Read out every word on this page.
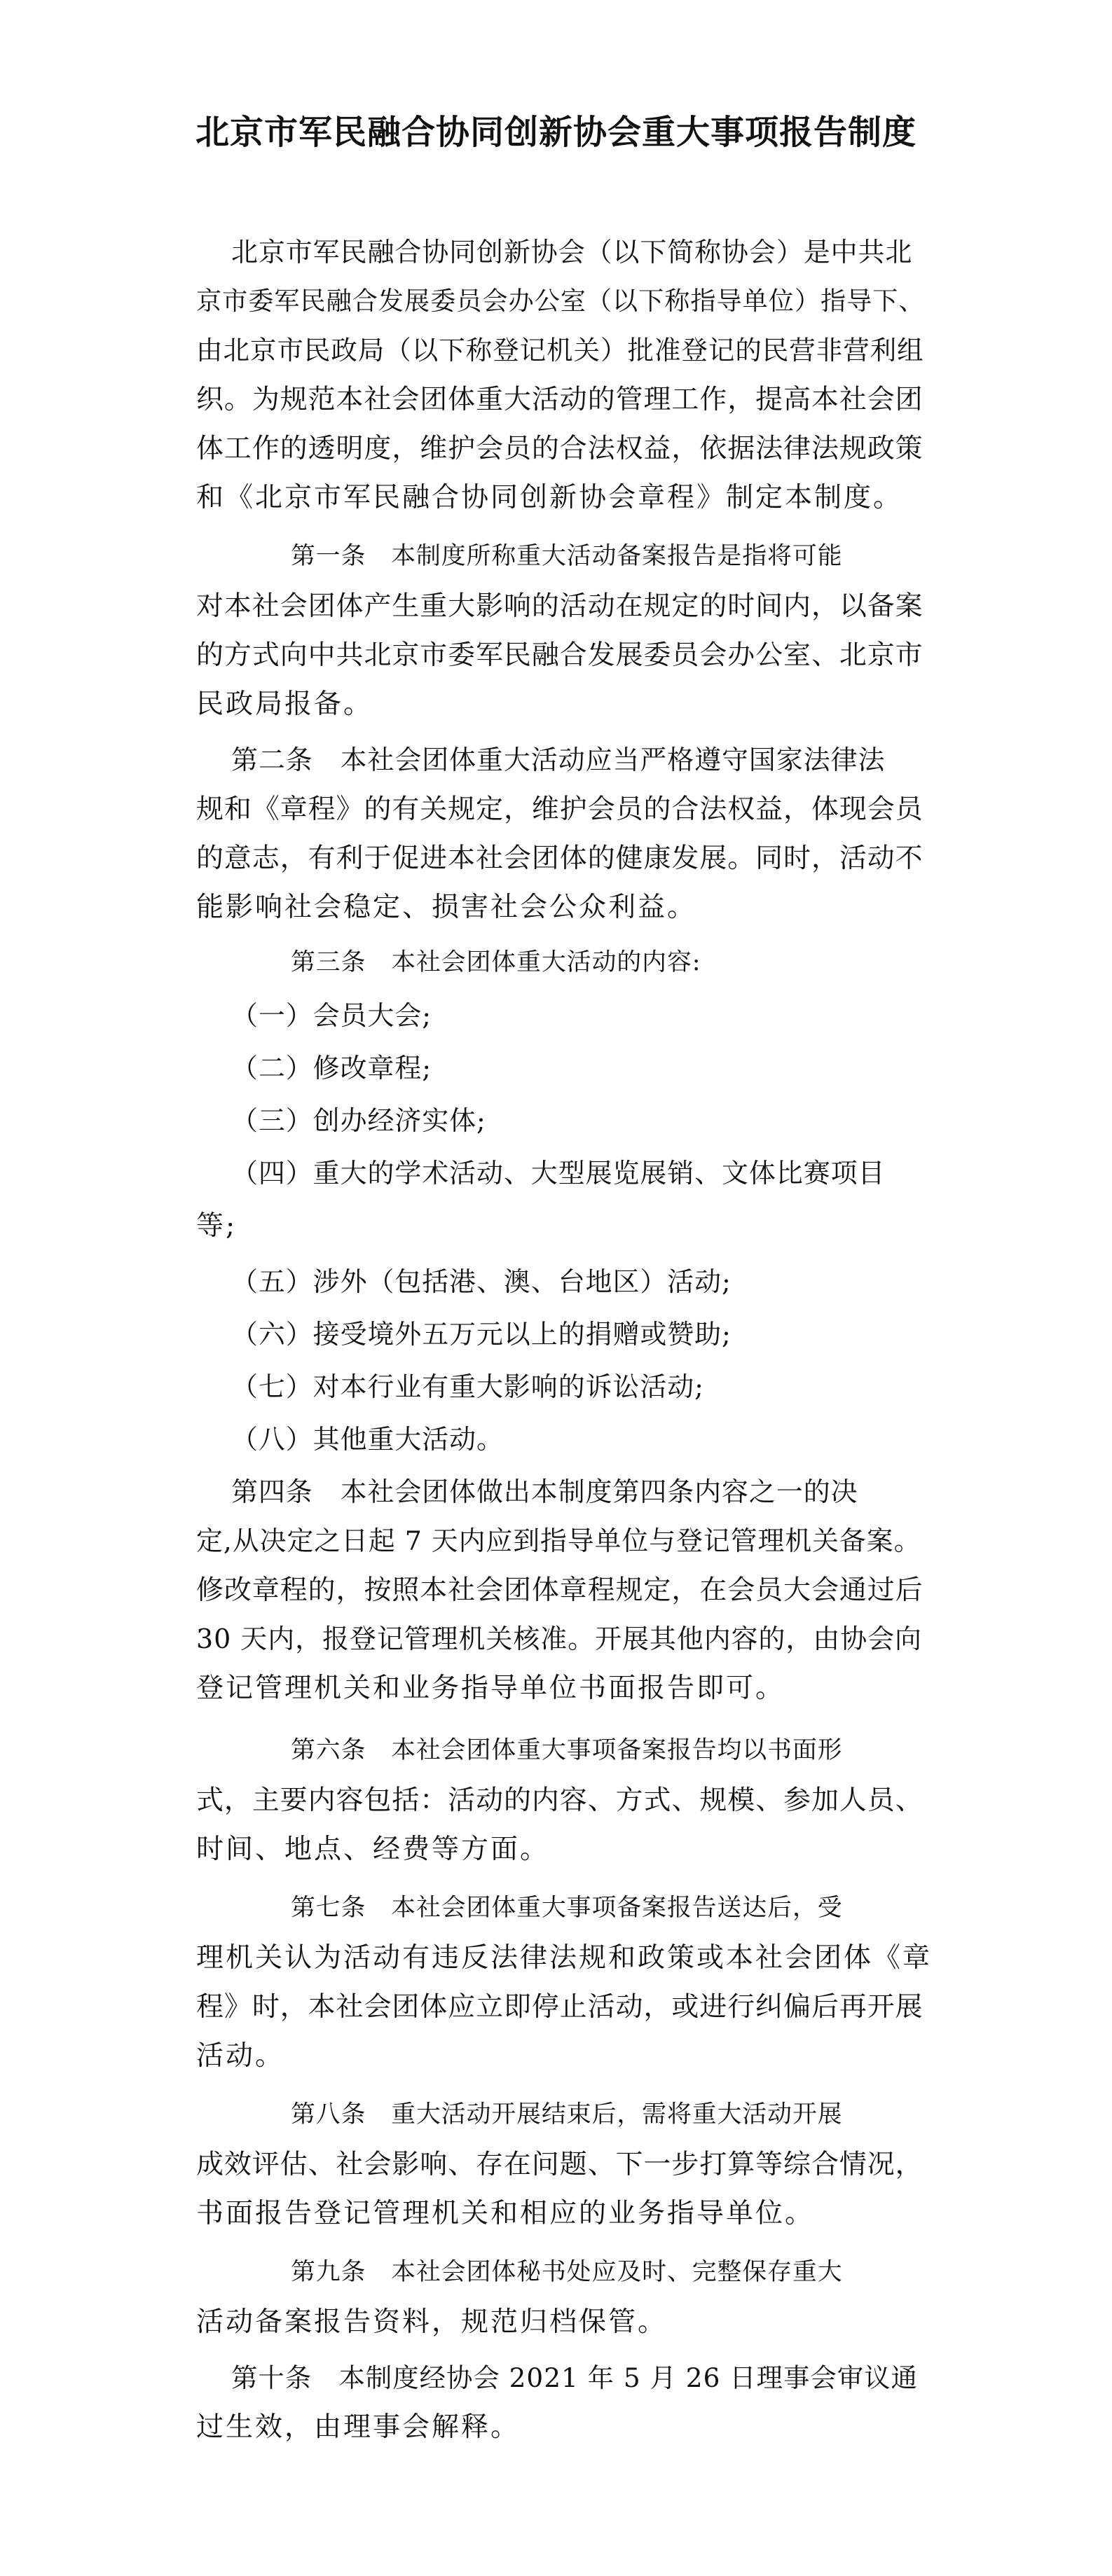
北京市军民融合协同创新协会重大事项报告制度
北京市军民融合协同创新协会（以下简称协会）是中共北
京市委军民融合发展委员会办公室（以下称指导单位）指导下、
由北京市民政局（以下称登记机关）批准登记的民营非营利组
织。为规范本社会团体重大活动的管理工作，提高本社会团
体工作的透明度，维护会员的合法权益，依据法律法规政策
和《北京市军民融合协同创新协会章程》制定本制度。
第一条　本制度所称重大活动备案报告是指将可能
对本社会团体产生重大影响的活动在规定的时间内，以备案
的方式向中共北京市委军民融合发展委员会办公室、北京市
民政局报备。
第二条　本社会团体重大活动应当严格遵守国家法律法
规和《章程》的有关规定，维护会员的合法权益，体现会员
的意志，有利于促进本社会团体的健康发展。同时，活动不
能影响社会稳定、损害社会公众利益。
第三条　本社会团体重大活动的内容:
（一）会员大会;
（二）修改章程;
（三）创办经济实体;
（四）重大的学术活动、大型展览展销、文体比赛项目
等;
（五）涉外（包括港、澳、台地区）活动;
（六）接受境外五万元以上的捐赠或赞助;
（七）对本行业有重大影响的诉讼活动;
（八）其他重大活动。
第四条　本社会团体做出本制度第四条内容之一的决
定,从决定之日起 7 天内应到指导单位与登记管理机关备案。
修改章程的，按照本社会团体章程规定，在会员大会通过后
30 天内，报登记管理机关核准。开展其他内容的，由协会向
登记管理机关和业务指导单位书面报告即可。
第六条　本社会团体重大事项备案报告均以书面形
式，主要内容包括：活动的内容、方式、规模、参加人员、
时间、地点、经费等方面。
第七条　本社会团体重大事项备案报告送达后，受
理机关认为活动有违反法律法规和政策或本社会团体《章
程》时，本社会团体应立即停止活动，或进行纠偏后再开展
活动。
第八条　重大活动开展结束后，需将重大活动开展
成效评估、社会影响、存在问题、下一步打算等综合情况，
书面报告登记管理机关和相应的业务指导单位。
第九条　本社会团体秘书处应及时、完整保存重大
活动备案报告资料，规范归档保管。
第十条　本制度经协会 2021 年 5 月 26 日理事会审议通
过生效，由理事会解释。
